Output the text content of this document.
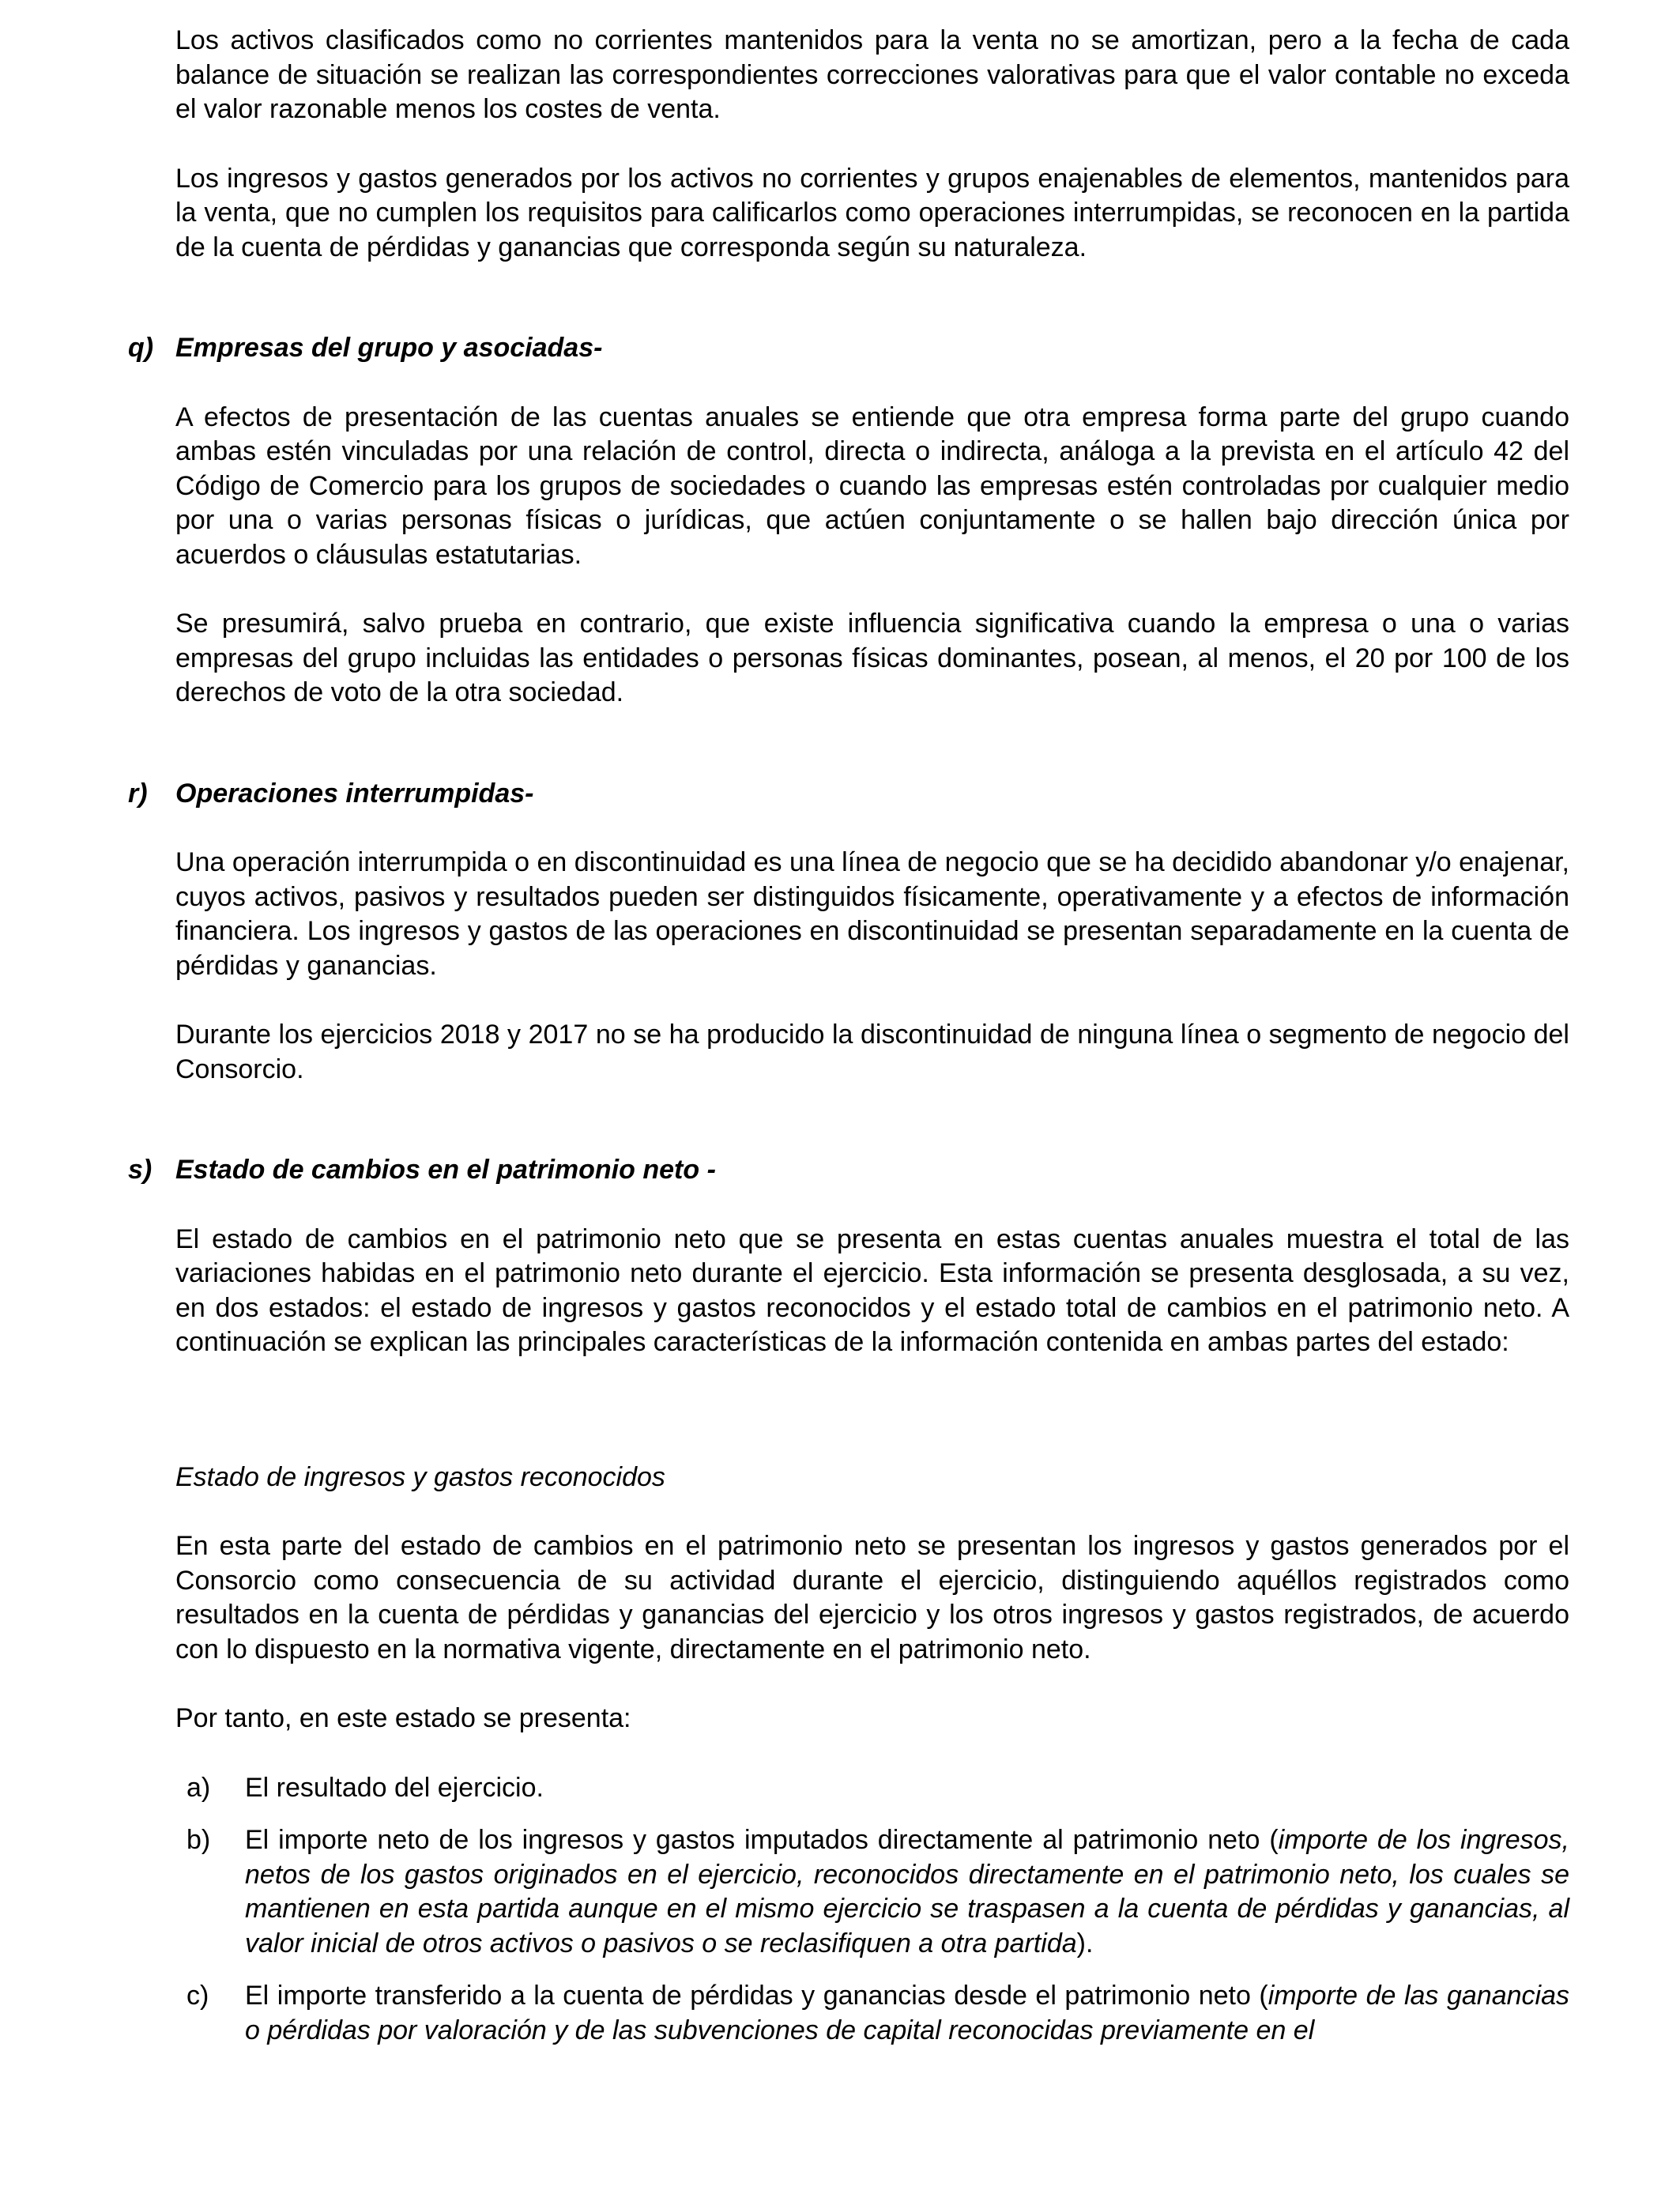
Los activos clasificados como no corrientes mantenidos para la venta no se amortizan, pero a la fecha de cada balance de situación se realizan las correspondientes correcciones valorativas para que el valor contable no exceda el valor razonable menos los costes de venta.

Los ingresos y gastos generados por los activos no corrientes y grupos enajenables de elementos, mantenidos para la venta, que no cumplen los requisitos para calificarlos como operaciones interrumpidas, se reconocen en la partida de la cuenta de pérdidas y ganancias que corresponda según su naturaleza.

q) Empresas del grupo y asociadas-

A efectos de presentación de las cuentas anuales se entiende que otra empresa forma parte del grupo cuando ambas estén vinculadas por una relación de control, directa o indirecta, análoga a la prevista en el artículo 42 del Código de Comercio para los grupos de sociedades o cuando las empresas estén controladas por cualquier medio por una o varias personas físicas o jurídicas, que actúen conjuntamente o se hallen bajo dirección única por acuerdos o cláusulas estatutarias.

Se presumirá, salvo prueba en contrario, que existe influencia significativa cuando la empresa o una o varias empresas del grupo incluidas las entidades o personas físicas dominantes, posean, al menos, el 20 por 100 de los derechos de voto de la otra sociedad.

r) Operaciones interrumpidas-

Una operación interrumpida o en discontinuidad es una línea de negocio que se ha decidido abandonar y/o enajenar, cuyos activos, pasivos y resultados pueden ser distinguidos físicamente, operativamente y a efectos de información financiera. Los ingresos y gastos de las operaciones en discontinuidad se presentan separadamente en la cuenta de pérdidas y ganancias.

Durante los ejercicios 2018 y 2017 no se ha producido la discontinuidad de ninguna línea o segmento de negocio del Consorcio.

s) Estado de cambios en el patrimonio neto -

El estado de cambios en el patrimonio neto que se presenta en estas cuentas anuales muestra el total de las variaciones habidas en el patrimonio neto durante el ejercicio. Esta información se presenta desglosada, a su vez, en dos estados: el estado de ingresos y gastos reconocidos y el estado total de cambios en el patrimonio neto. A continuación se explican las principales características de la información contenida en ambas partes del estado:

Estado de ingresos y gastos reconocidos

En esta parte del estado de cambios en el patrimonio neto se presentan los ingresos y gastos generados por el Consorcio como consecuencia de su actividad durante el ejercicio, distinguiendo aquéllos registrados como resultados en la cuenta de pérdidas y ganancias del ejercicio y los otros ingresos y gastos registrados, de acuerdo con lo dispuesto en la normativa vigente, directamente en el patrimonio neto.

Por tanto, en este estado se presenta:

a) El resultado del ejercicio.
b) El importe neto de los ingresos y gastos imputados directamente al patrimonio neto (importe de los ingresos, netos de los gastos originados en el ejercicio, reconocidos directamente en el patrimonio neto, los cuales se mantienen en esta partida aunque en el mismo ejercicio se traspasen a la cuenta de pérdidas y ganancias, al valor inicial de otros activos o pasivos o se reclasifiquen a otra partida).
c) El importe transferido a la cuenta de pérdidas y ganancias desde el patrimonio neto (importe de las ganancias o pérdidas por valoración y de las subvenciones de capital reconocidas previamente en el
